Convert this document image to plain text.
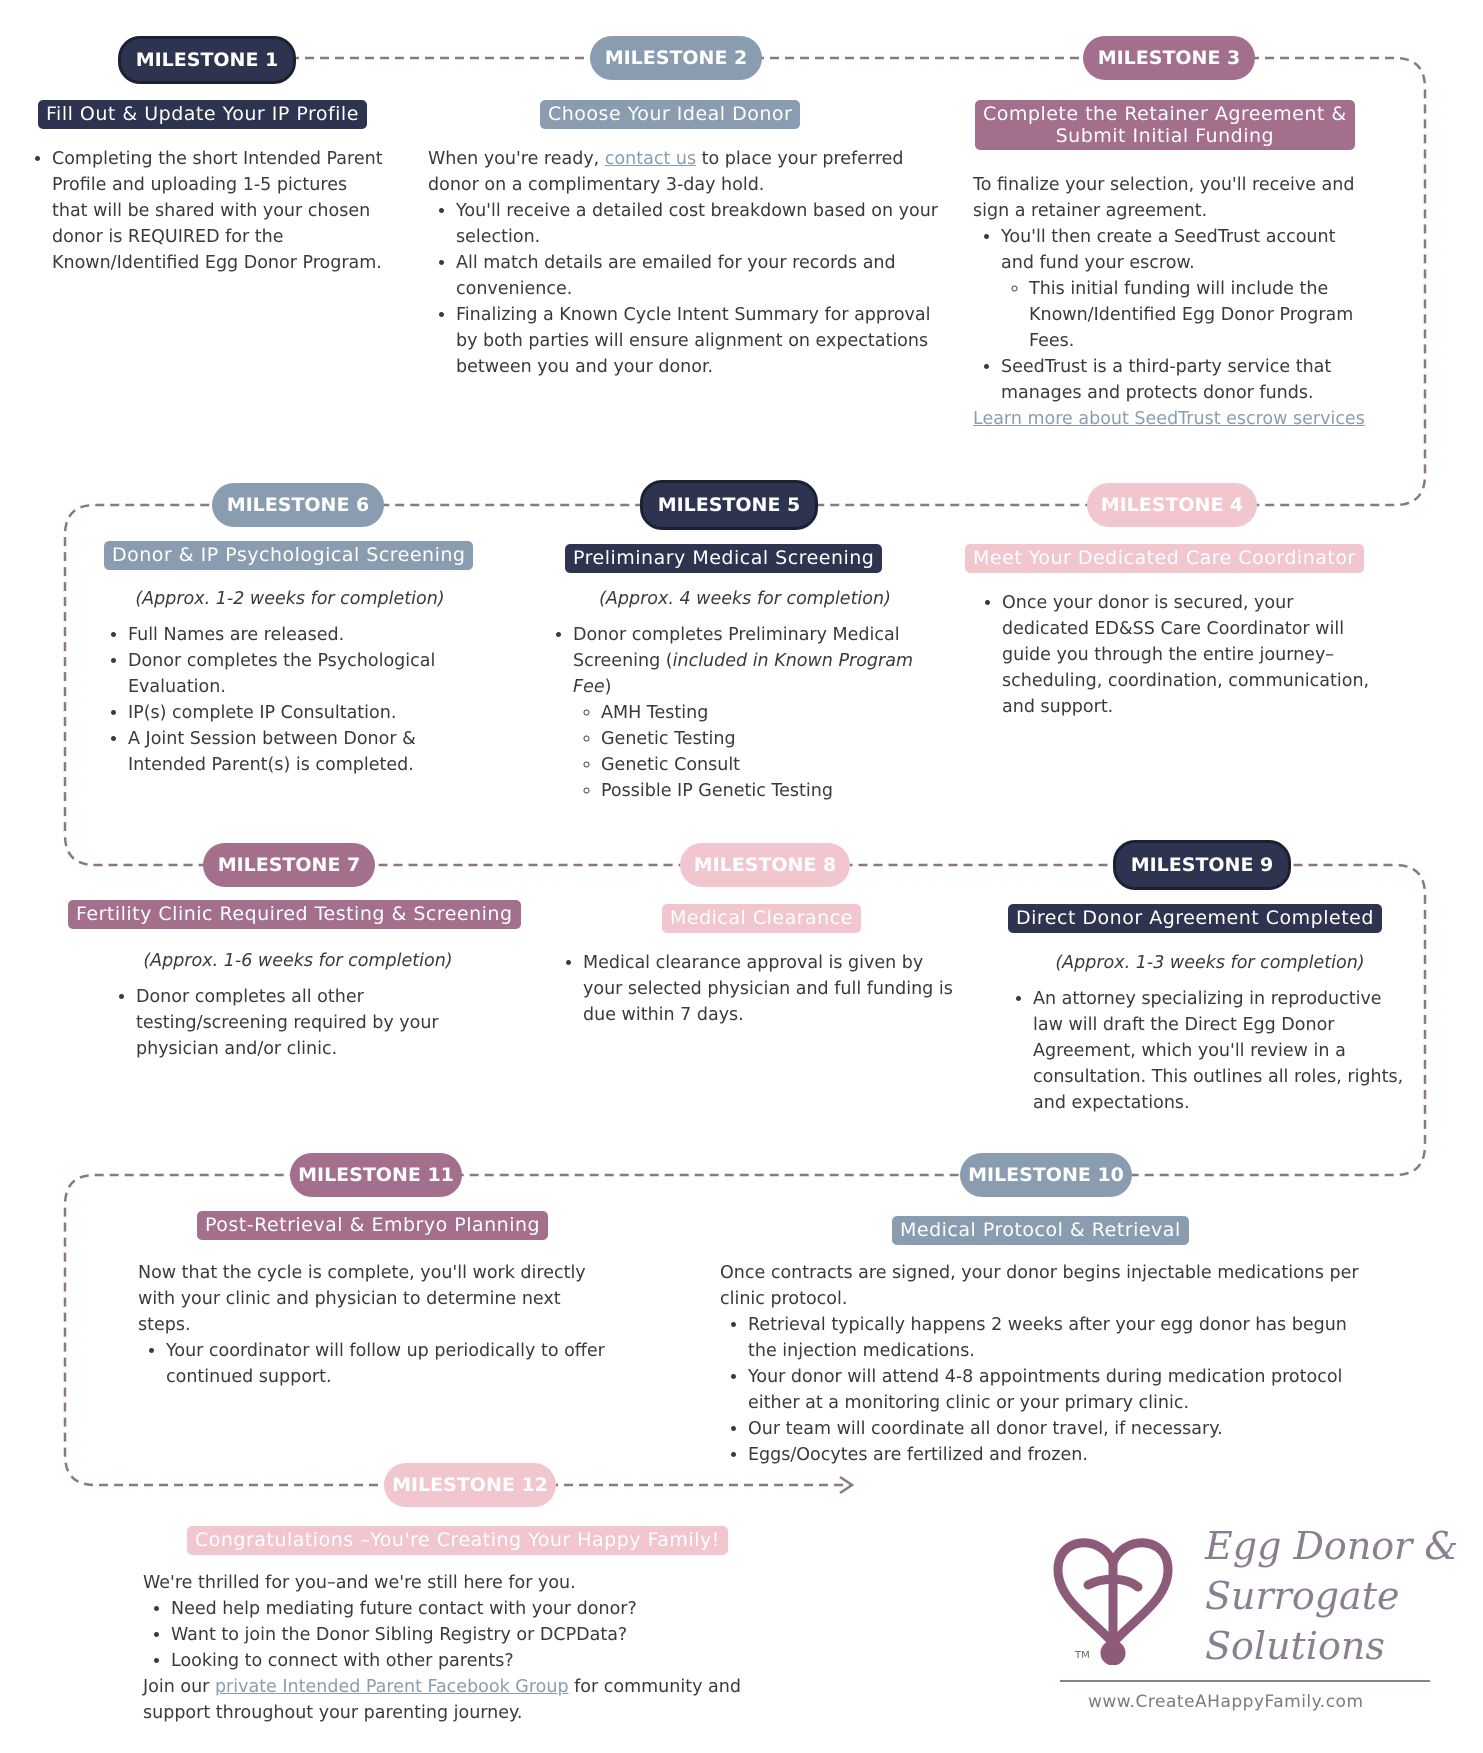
MILESTONE 1
Fill Out & Update Your IP Profile
• Completing the short Intended Parent Profile and uploading 1-5 pictures that will be shared with your chosen donor is REQUIRED for the Known/Identified Egg Donor Program.
MILESTONE 2
Choose Your Ideal Donor

When you're ready, contact us to place your preferred donor on a complimentary 3-day hold.

• You'll receive a detailed cost breakdown based on your selection.
• All match details are emailed for your records and convenience.
• Finalizing a Known Cycle Intent Summary for approval by both parties will ensure alignment on expectations between you and your donor.
MILESTONE 3
Complete the Retainer Agreement &
Submit Initial Funding

To finalize your selection, you'll receive and sign a retainer agreement.

• You'll then create a SeedTrust account and fund your escrow.
◦ This initial funding will include the Known/Identified Egg Donor Program Fees.
• SeedTrust is a third-party service that manages and protects donor funds.
Learn more about SeedTrust escrow services
MILESTONE 6
Donor & IP Psychological Screening

(Approx. 1-2 weeks for completion)

• Full Names are released.
• Donor completes the Psychological Evaluation.
• IP(s) complete IP Consultation.
• A Joint Session between Donor & Intended Parent(s) is completed.
MILESTONE 5
Preliminary Medical Screening

(Approx. 4 weeks for completion)

• Donor completes Preliminary Medical Screening (included in Known Program Fee)
◦ AMH Testing
◦ Genetic Testing
◦ Genetic Consult
◦ Possible IP Genetic Testing
MILESTONE 4
Meet Your Dedicated Care Coordinator
• Once your donor is secured, your dedicated ED&SS Care Coordinator will guide you through the entire journey–scheduling, coordination, communication, and support.
MILESTONE 7
Fertility Clinic Required Testing & Screening

(Approx. 1-6 weeks for completion)

• Donor completes all other testing/screening required by your physician and/or clinic.
MILESTONE 8
Medical Clearance
• Medical clearance approval is given by your selected physician and full funding is due within 7 days.
MILESTONE 9
Direct Donor Agreement Completed

(Approx. 1-3 weeks for completion)

• An attorney specializing in reproductive law will draft the Direct Egg Donor Agreement, which you'll review in a consultation. This outlines all roles, rights, and expectations.
MILESTONE 11
Post-Retrieval & Embryo Planning

Now that the cycle is complete, you'll work directly with your clinic and physician to determine next steps.

• Your coordinator will follow up periodically to offer continued support.
MILESTONE 10
Medical Protocol & Retrieval

Once contracts are signed, your donor begins injectable medications per clinic protocol.

• Retrieval typically happens 2 weeks after your egg donor has begun the injection medications.
• Your donor will attend 4-8 appointments during medication protocol either at a monitoring clinic or your primary clinic.
• Our team will coordinate all donor travel, if necessary.
• Eggs/Oocytes are fertilized and frozen.
MILESTONE 12
Congratulations –You're Creating Your Happy Family!

We're thrilled for you–and we're still here for you.

• Need help mediating future contact with your donor?
• Want to join the Donor Sibling Registry or DCPData?
• Looking to connect with other parents?

Join our private Intended Parent Facebook Group for community and support throughout your parenting journey.

TM
Egg Donor &
Surrogate
Solutions
www.CreateAHappyFamily.com
